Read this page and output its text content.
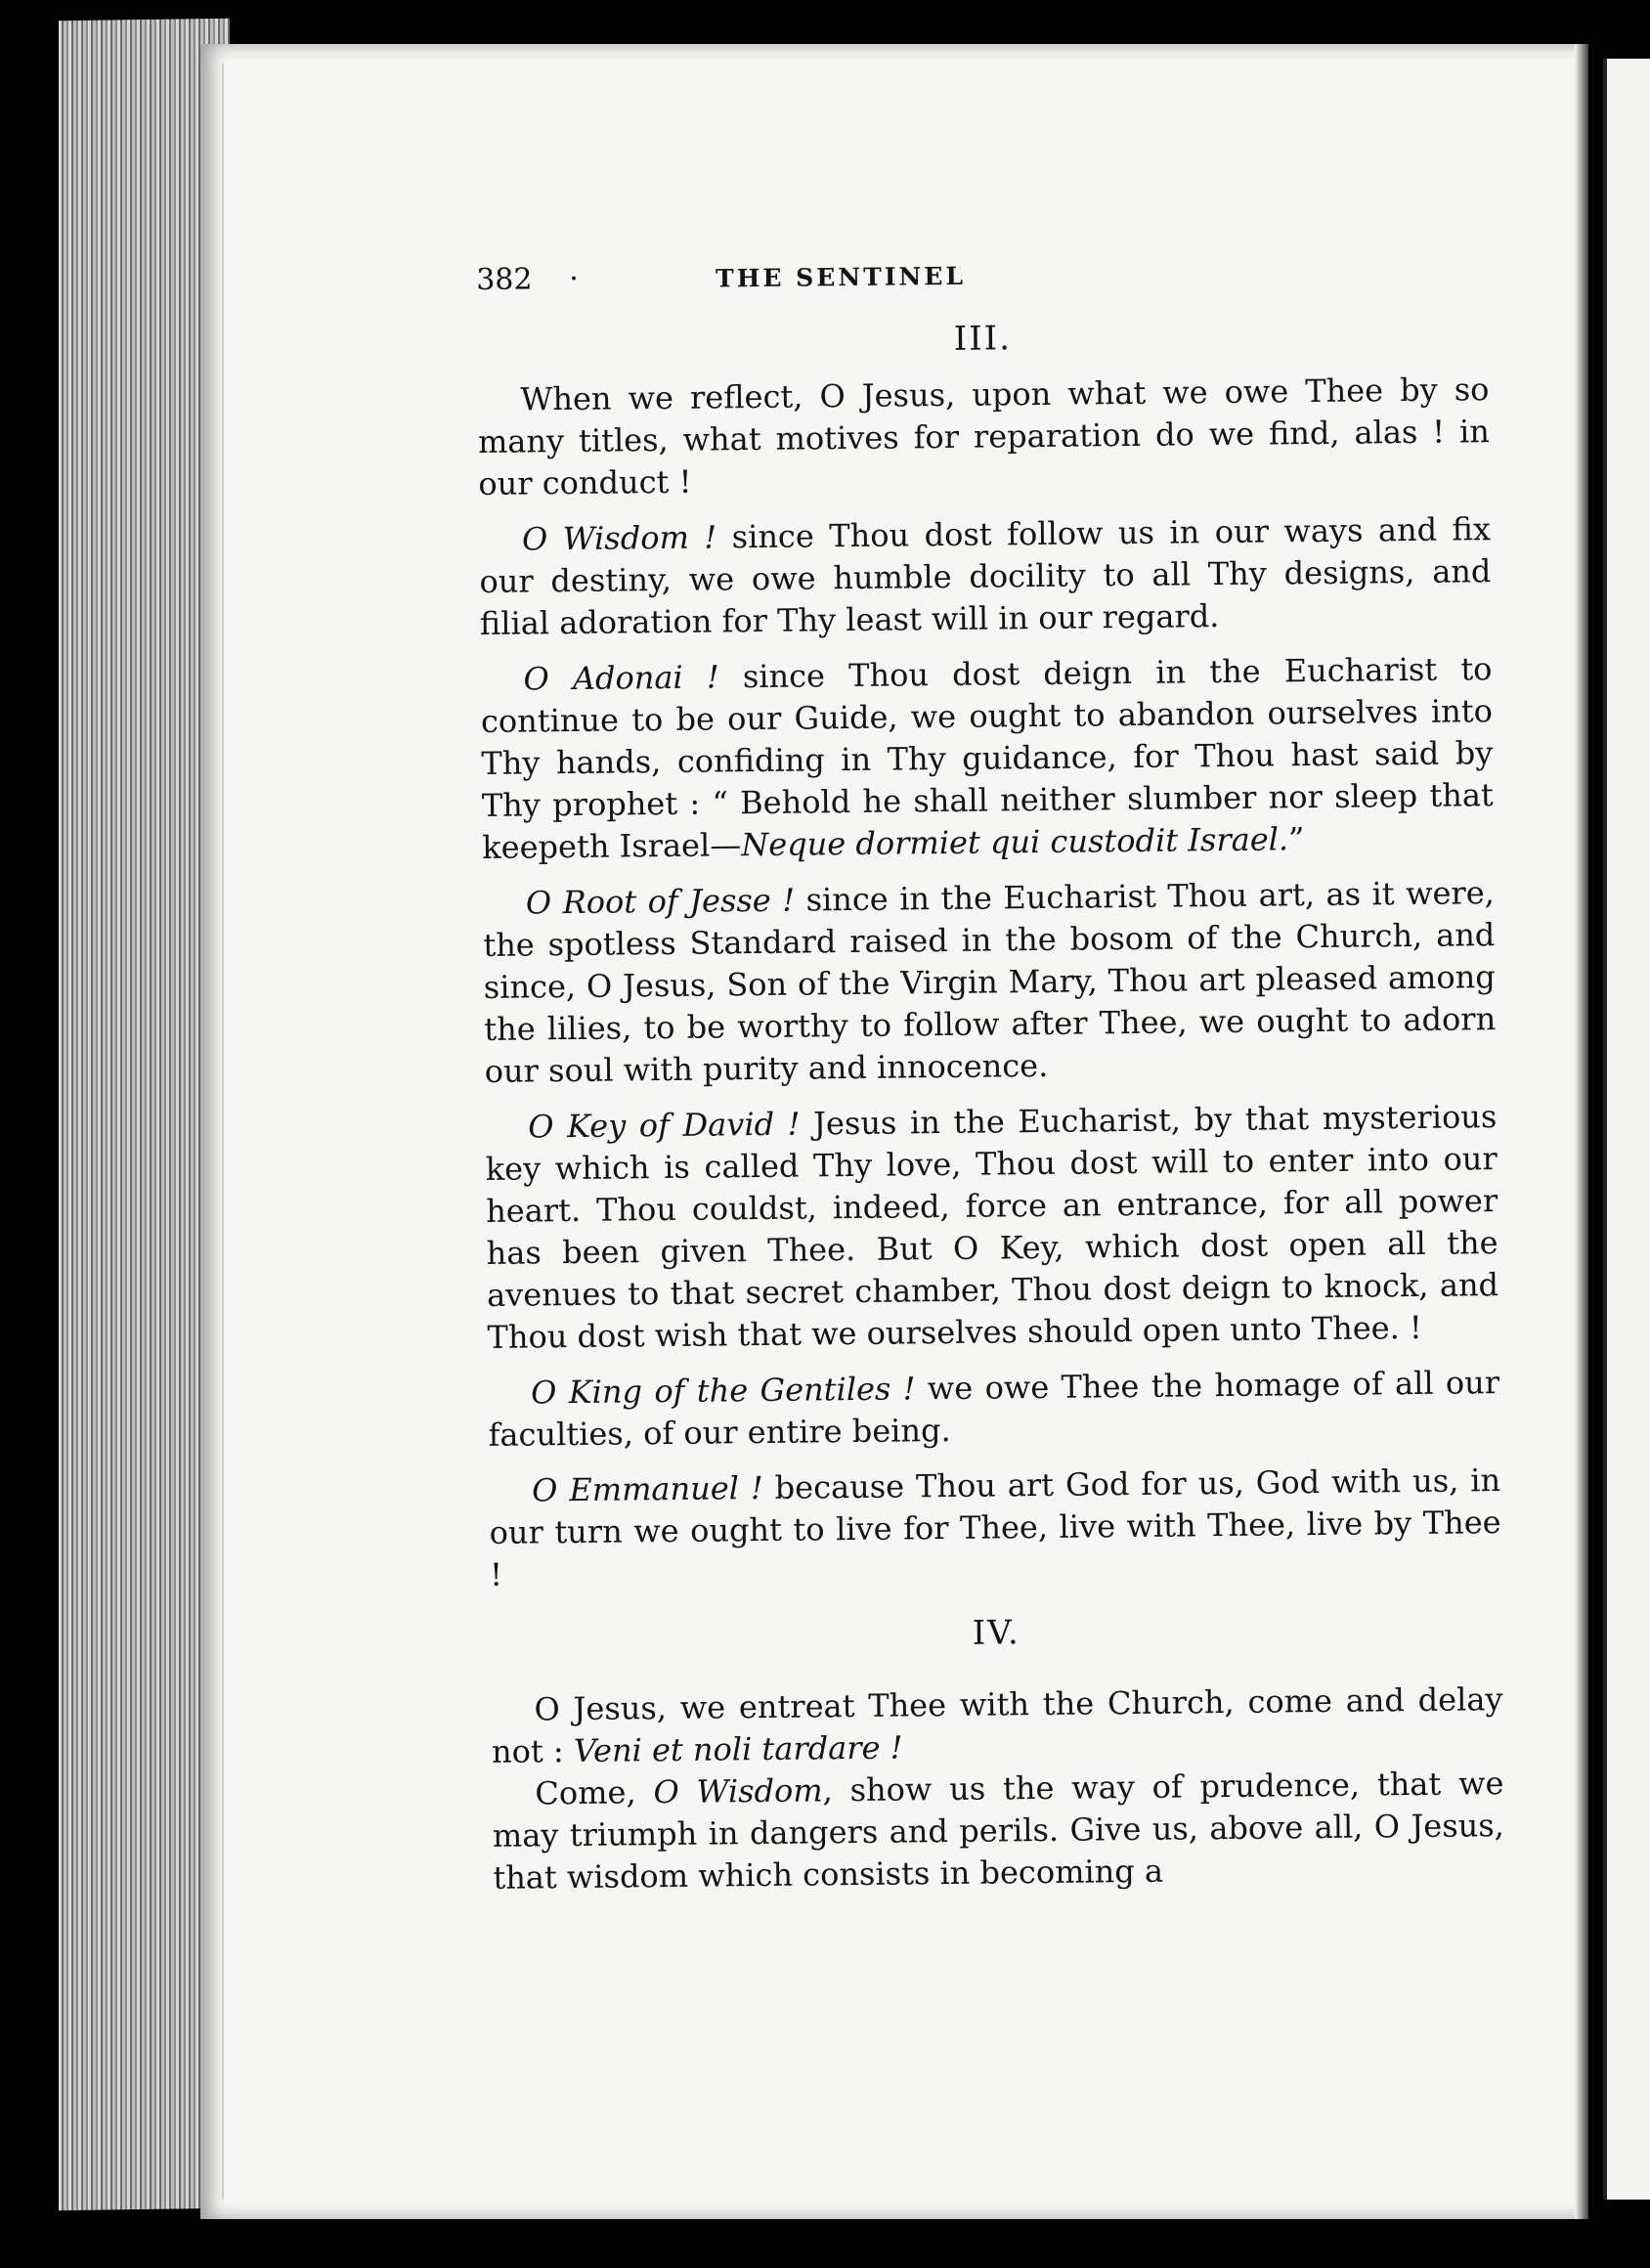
382	·	THE SENTINEL
III.

When we reflect, O Jesus, upon what we owe Thee by so many titles, what motives for reparation do we find, alas ! in our conduct !

O Wisdom ! since Thou dost follow us in our ways and fix our destiny, we owe humble docility to all Thy designs, and filial adoration for Thy least will in our regard.

O Adonai ! since Thou dost deign in the Eucharist to continue to be our Guide, we ought to abandon ourselves into Thy hands, confiding in Thy guidance, for Thou hast said by Thy prophet : “ Behold he shall neither slumber nor sleep that keepeth Israel—Neque dormiet qui custodit Israel.”

O Root of Jesse ! since in the Eucharist Thou art, as it were, the spotless Standard raised in the bosom of the Church, and since, O Jesus, Son of the Virgin Mary, Thou art pleased among the lilies, to be worthy to follow after Thee, we ought to adorn our soul with purity and innocence.

O Key of David ! Jesus in the Eucharist, by that mysterious key which is called Thy love, Thou dost will to enter into our heart. Thou couldst, indeed, force an entrance, for all power has been given Thee. But O Key, which dost open all the avenues to that secret chamber, Thou dost deign to knock, and Thou dost wish that we ourselves should open unto Thee. !

O King of the Gentiles ! we owe Thee the homage of all our faculties, of our entire being.

O Emmanuel ! because Thou art God for us, God with us, in our turn we ought to live for Thee, live with Thee, live by Thee !

IV.

O Jesus, we entreat Thee with the Church, come and delay not : Veni et noli tardare !

Come, O Wisdom, show us the way of prudence, that we may triumph in dangers and perils. Give us, above all, O Jesus, that wisdom which consists in becoming a
